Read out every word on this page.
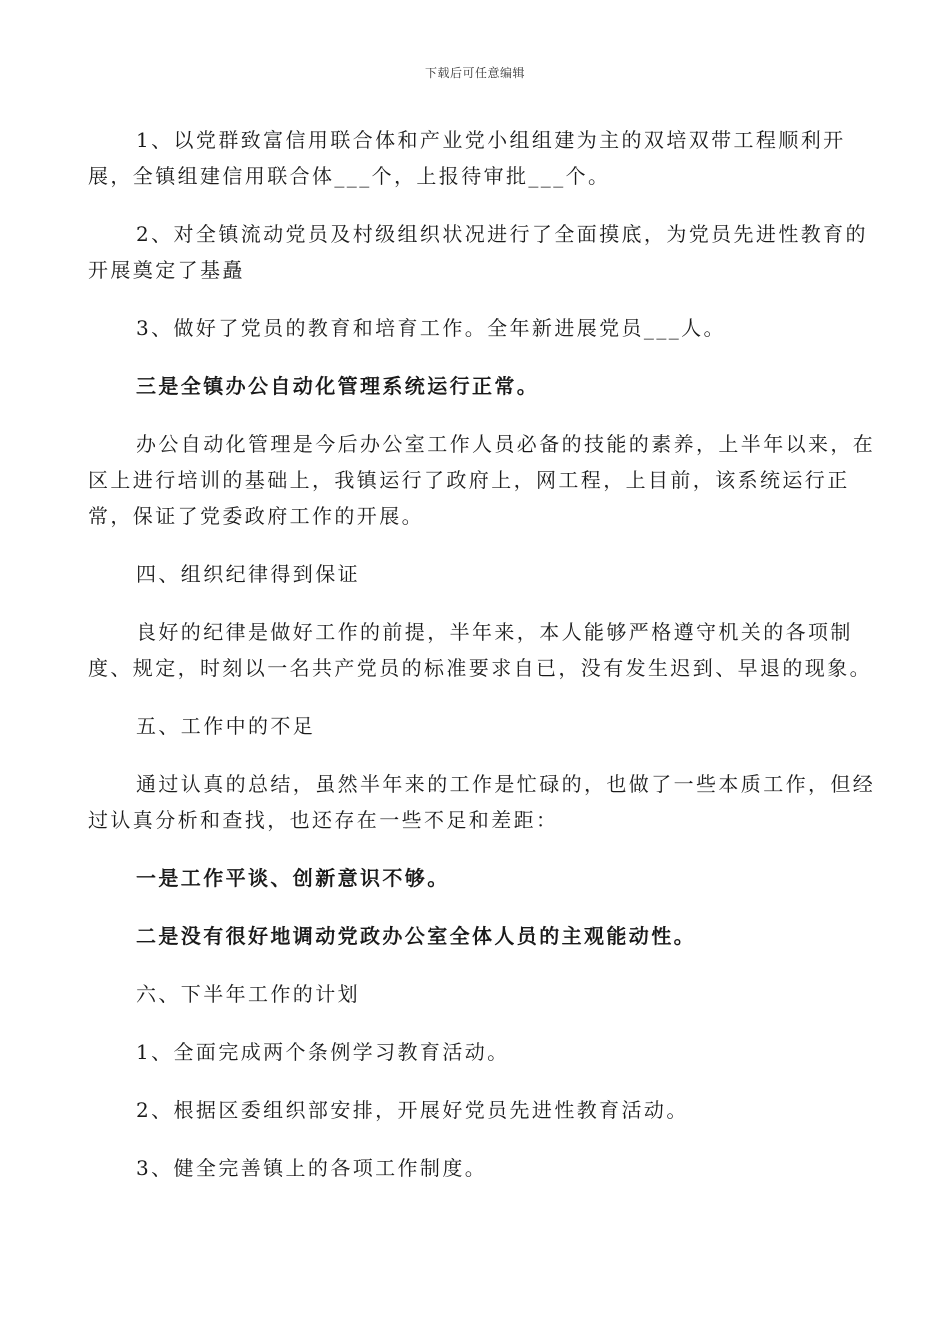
下载后可任意编辑

1、以党群致富信用联合体和产业党小组组建为主的双培双带工程顺利开展，全镇组建信用联合体___个，上报待审批___个。

2、对全镇流动党员及村级组织状况进行了全面摸底，为党员先进性教育的开展奠定了基矗

3、做好了党员的教育和培育工作。全年新进展党员___人。

三是全镇办公自动化管理系统运行正常。

办公自动化管理是今后办公室工作人员必备的技能的素养，上半年以来，在区上进行培训的基础上，我镇运行了政府上，网工程，上目前，该系统运行正常，保证了党委政府工作的开展。

四、组织纪律得到保证

良好的纪律是做好工作的前提，半年来，本人能够严格遵守机关的各项制度、规定，时刻以一名共产党员的标准要求自已，没有发生迟到、早退的现象。

五、工作中的不足

通过认真的总结，虽然半年来的工作是忙碌的，也做了一些本质工作，但经过认真分析和查找，也还存在一些不足和差距：

一是工作平谈、创新意识不够。

二是没有很好地调动党政办公室全体人员的主观能动性。

六、下半年工作的计划

1、全面完成两个条例学习教育活动。

2、根据区委组织部安排，开展好党员先进性教育活动。

3、健全完善镇上的各项工作制度。
